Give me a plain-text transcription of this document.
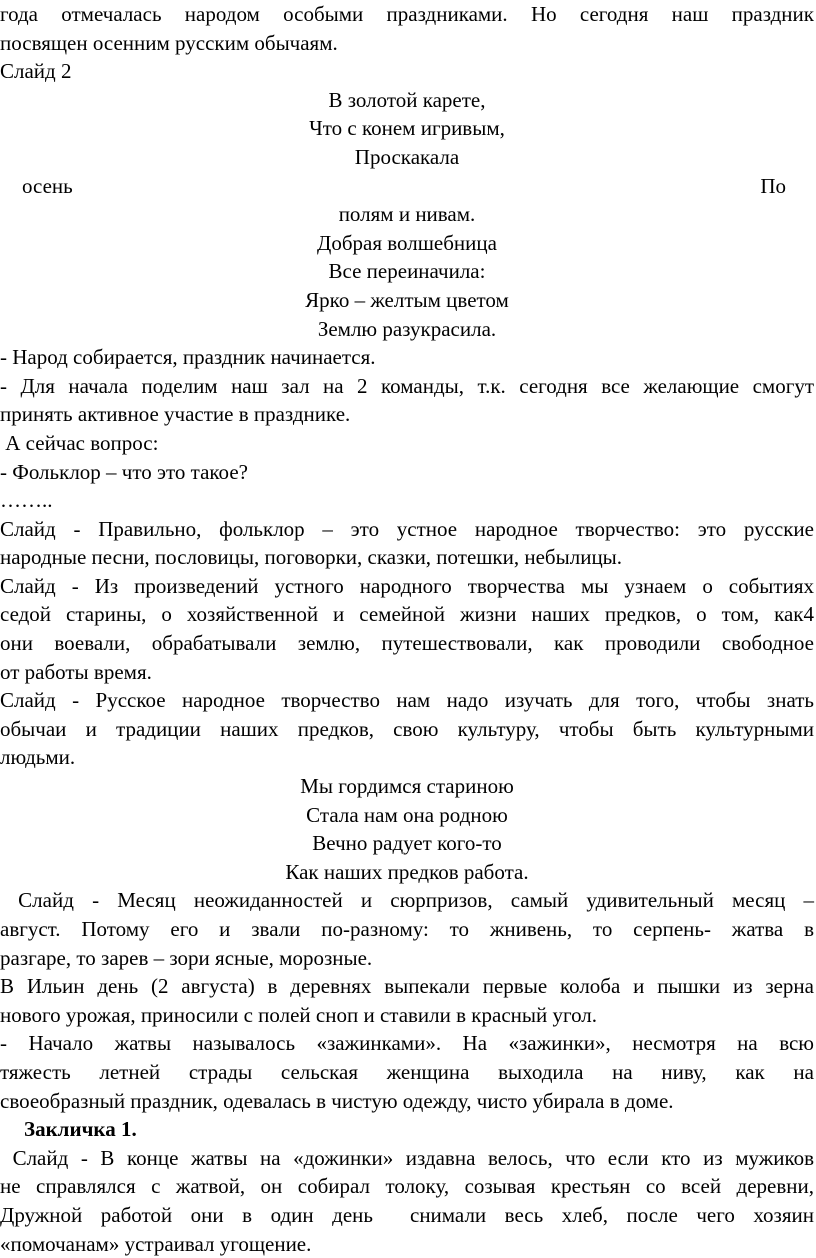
года отмечалась народом особыми праздниками. Но сегодня наш праздник
посвящен осенним русским обычаям.
Слайд 2
В золотой карете,
Что с конем игривым,
Проскакала
осень	По
полям и нивам.
Добрая волшебница
Все переиначила:
Ярко – желтым цветом
Землю разукрасила.
- Народ собирается, праздник начинается.
- Для начала поделим наш зал на 2 команды, т.к. сегодня все желающие смогут
принять активное участие в празднике.
А сейчас вопрос:
- Фольклор – что это такое?
……..
Слайд - Правильно, фольклор – это устное народное творчество: это русские
народные песни, пословицы, поговорки, сказки, потешки, небылицы.
Слайд - Из произведений устного народного творчества мы узнаем о событиях
седой старины, о хозяйственной и семейной жизни наших предков, о том, как4
они воевали, обрабатывали землю, путешествовали, как проводили свободное
от работы время.
Слайд - Русское народное творчество нам надо изучать для того, чтобы знать
обычаи и традиции наших предков, свою культуру, чтобы быть культурными
людьми.
Мы гордимся стариною
Стала нам она родною
Вечно радует кого-то
Как наших предков работа.
Слайд - Месяц неожиданностей и сюрпризов, самый удивительный месяц –
август. Потому его и звали по-разному: то жнивень, то серпень- жатва в
разгаре, то зарев – зори ясные, морозные.
В Ильин день (2 августа) в деревнях выпекали первые колоба и пышки из зерна
нового урожая, приносили с полей сноп и ставили в красный угол.
- Начало жатвы называлось «зажинками». На «зажинки», несмотря на всю
тяжесть летней страды сельская женщина выходила на ниву, как на
своеобразный праздник, одевалась в чистую одежду, чисто убирала в доме.
Закличка 1.
Слайд - В конце жатвы на «дожинки» издавна велось, что если кто из мужиков
не справлялся с жатвой, он собирал толоку, созывая крестьян со всей деревни,
Дружной работой они в один день  снимали весь хлеб, после чего хозяин
«помочанам» устраивал угощение.
